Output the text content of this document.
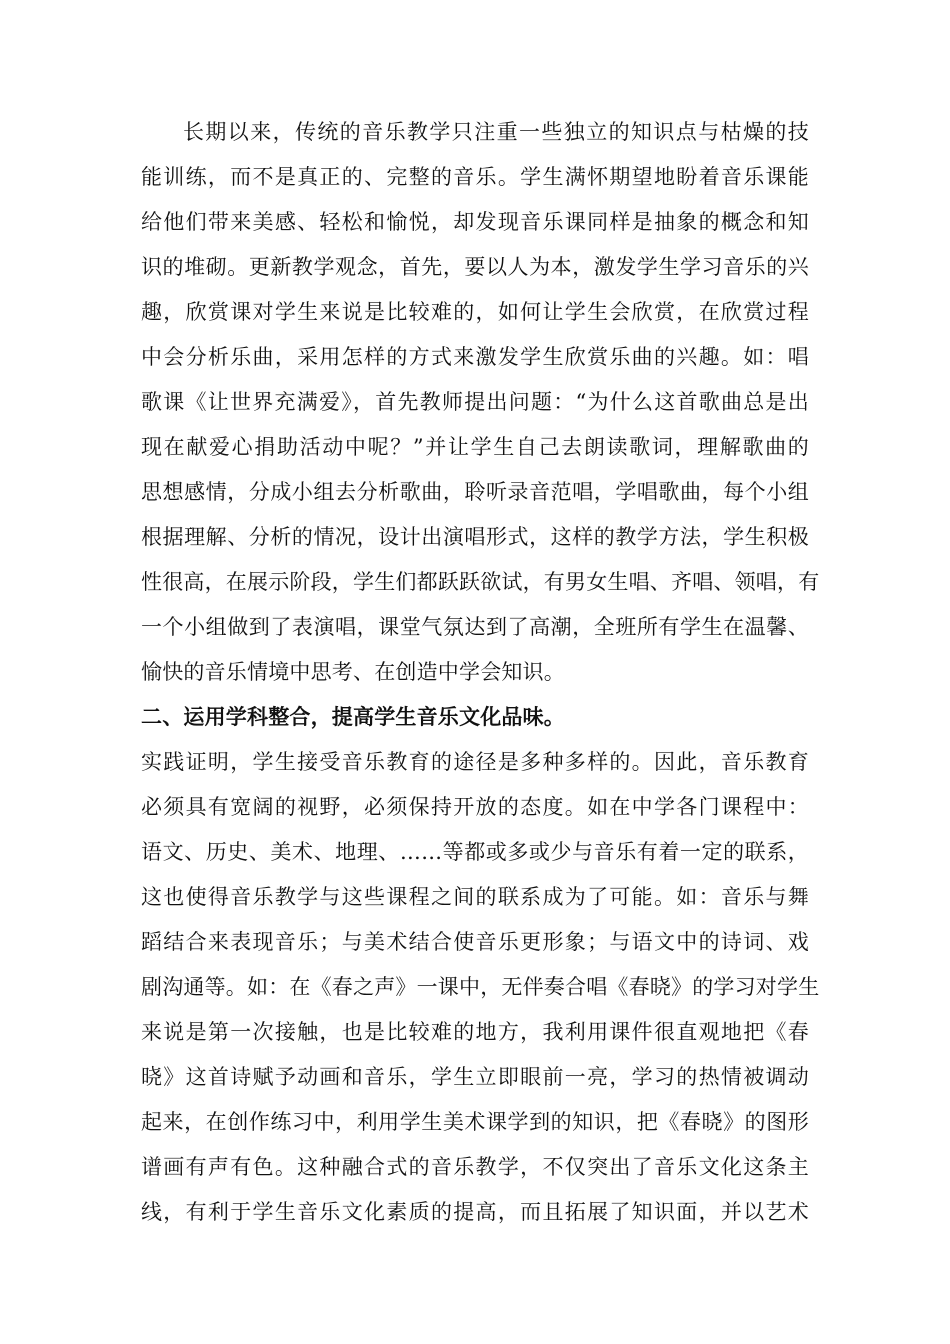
长期以来，传统的音乐教学只注重一些独立的知识点与枯燥的技
能训练，而不是真正的、完整的音乐。学生满怀期望地盼着音乐课能
给他们带来美感、轻松和愉悦，却发现音乐课同样是抽象的概念和知
识的堆砌。更新教学观念，首先，要以人为本，激发学生学习音乐的兴
趣，欣赏课对学生来说是比较难的，如何让学生会欣赏，在欣赏过程
中会分析乐曲，采用怎样的方式来激发学生欣赏乐曲的兴趣。如：唱
歌课《让世界充满爱》，首先教师提出问题：“为什么这首歌曲总是出
现在献爱心捐助活动中呢？”并让学生自己去朗读歌词，理解歌曲的
思想感情，分成小组去分析歌曲，聆听录音范唱，学唱歌曲，每个小组
根据理解、分析的情况，设计出演唱形式，这样的教学方法，学生积极
性很高，在展示阶段，学生们都跃跃欲试，有男女生唱、齐唱、领唱，有
一个小组做到了表演唱，课堂气氛达到了高潮，全班所有学生在温馨、
愉快的音乐情境中思考、在创造中学会知识。
二、运用学科整合，提高学生音乐文化品味。
实践证明，学生接受音乐教育的途径是多种多样的。因此，音乐教育
必须具有宽阔的视野，必须保持开放的态度。如在中学各门课程中：
语文、历史、美术、地理、……等都或多或少与音乐有着一定的联系，
这也使得音乐教学与这些课程之间的联系成为了可能。如：音乐与舞
蹈结合来表现音乐；与美术结合使音乐更形象；与语文中的诗词、戏
剧沟通等。如：在《春之声》一课中，无伴奏合唱《春晓》的学习对学生
来说是第一次接触，也是比较难的地方，我利用课件很直观地把《春
晓》这首诗赋予动画和音乐，学生立即眼前一亮，学习的热情被调动
起来，在创作练习中，利用学生美术课学到的知识，把《春晓》的图形
谱画有声有色。这种融合式的音乐教学，不仅突出了音乐文化这条主
线，有利于学生音乐文化素质的提高，而且拓展了知识面，并以艺术
